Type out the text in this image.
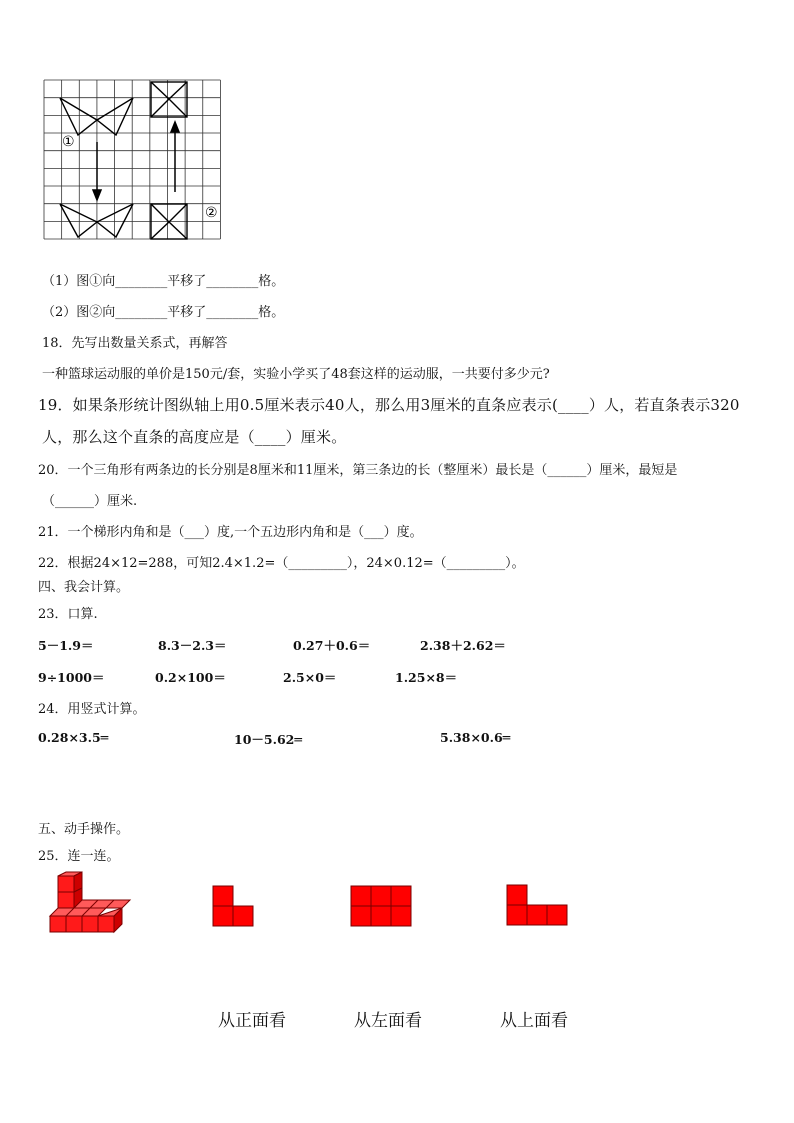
①
②
（1）图①向________平移了________格。
（2）图②向________平移了________格。
18．先写出数量关系式，再解答
一种篮球运动服的单价是150元/套，实验小学买了48套这样的运动服，一共要付多少元?
19．如果条形统计图纵轴上用0.5厘米表示40人，那么用3厘米的直条应表示(____）人，若直条表示320
人，那么这个直条的高度应是（____）厘米。
20．一个三角形有两条边的长分别是8厘米和11厘米，第三条边的长（整厘米）最长是（______）厘米，最短是
（______）厘米.
21．一个梯形内角和是（___）度,一个五边形内角和是（___）度。
22．根据24×12=288，可知2.4×1.2=（_________），24×0.12=（_________）。
四、我会计算。
23．口算.
5－1.9＝	8.3－2.3＝	0.27＋0.6＝	2.38＋2.62＝
9÷1000＝	0.2×100＝	2.5×0＝	1.25×8＝
24．用竖式计算。
0.28×3.5═	10－5.62═	5.38×0.6═
五、动手操作。
25．连一连。
从正面看	从左面看	从上面看
